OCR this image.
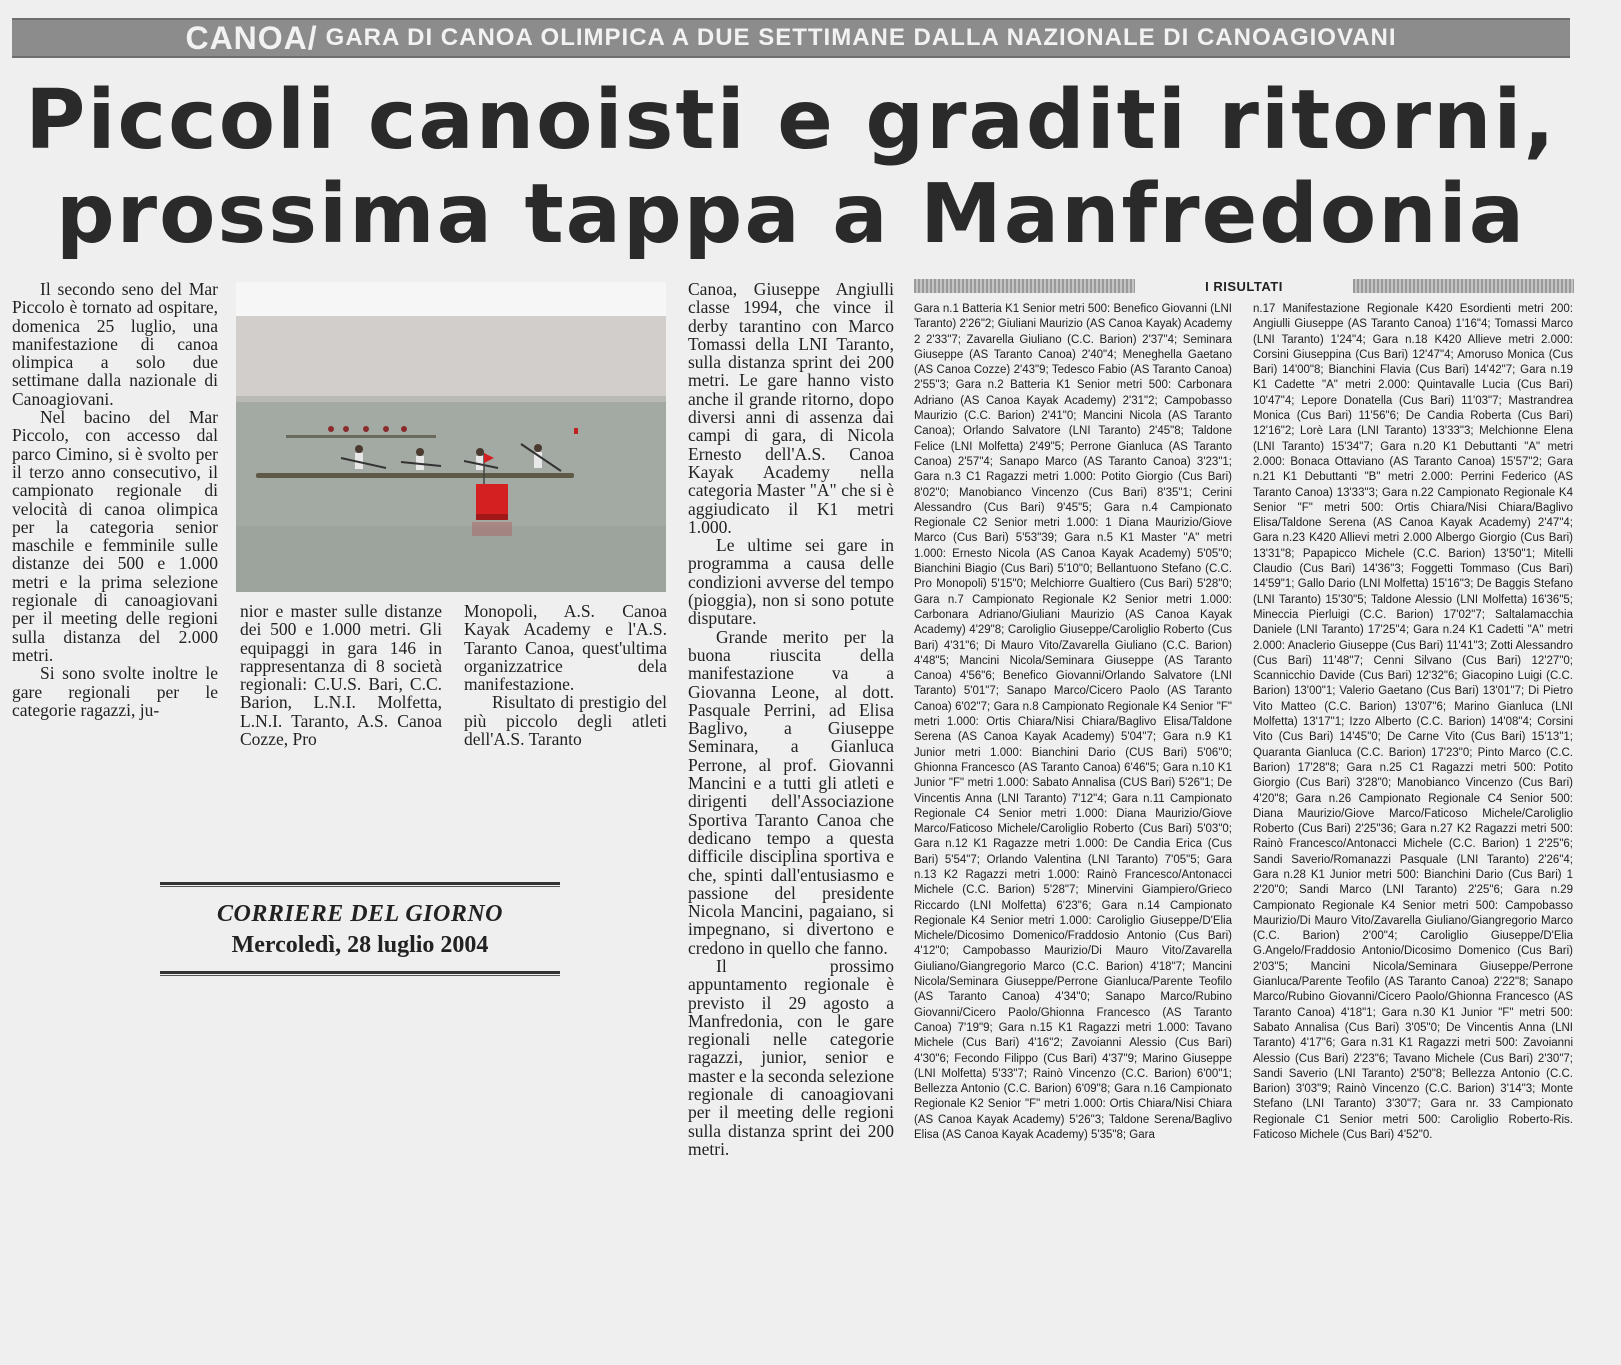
CANOA/ GARA DI CANOA OLIMPICA A DUE SETTIMANE DALLA NAZIONALE DI CANOAGIOVANI
Piccoli canoisti e graditi ritorni,
prossima tappa a Manfredonia

Il secondo seno del Mar Piccolo è tornato ad ospitare, domenica 25 luglio, una manifestazione di canoa olimpica a solo due settimane dalla nazionale di Canoagiovani.

Nel bacino del Mar Piccolo, con accesso dal parco Cimino, si è svolto per il terzo anno consecutivo, il campionato regionale di velocità di canoa olimpica per la categoria senior maschile e femminile sulle distanze dei 500 e 1.000 metri e la prima selezione regionale di canoagiovani per il meeting delle regioni sulla distanza del 2.000 metri.

Si sono svolte inoltre le gare regionali per le categorie ragazzi, ju-

nior e master sulle distanze dei 500 e 1.000 metri. Gli equipaggi in gara 146 in rappresentanza di 8 società regionali: C.U.S. Bari, C.C. Barion, L.N.I. Molfetta, L.N.I. Taranto, A.S. Canoa Cozze, Pro

Monopoli, A.S. Canoa Kayak Academy e l'A.S. Taranto Canoa, quest'ultima organizzatrice dela manifestazione.

Risultato di prestigio del più piccolo degli atleti dell'A.S. Taranto

Canoa, Giuseppe Angiulli classe 1994, che vince il derby tarantino con Marco Tomassi della LNI Taranto, sulla distanza sprint dei 200 metri. Le gare hanno visto anche il grande ritorno, dopo diversi anni di assenza dai campi di gara, di Nicola Ernesto dell'A.S. Canoa Kayak Academy nella categoria Master "A" che si è aggiudicato il K1 metri 1.000.

Le ultime sei gare in programma a causa delle condizioni avverse del tempo (pioggia), non si sono potute disputare.

Grande merito per la buona riuscita della manifestazione va a Giovanna Leone, al dott. Pasquale Perrini, ad Elisa Baglivo, a Giuseppe Seminara, a Gianluca Perrone, al prof. Giovanni Mancini e a tutti gli atleti e dirigenti dell'Associazione Sportiva Taranto Canoa che dedicano tempo a questa difficile disciplina sportiva e che, spinti dall'entusiasmo e passione del presidente Nicola Mancini, pagaiano, si impegnano, si divertono e credono in quello che fanno.

Il prossimo appuntamento regionale è previsto il 29 agosto a Manfredonia, con le gare regionali nelle categorie ragazzi, junior, senior e master e la seconda selezione regionale di canoagiovani per il meeting delle regioni sulla distanza sprint dei 200 metri.

CORRIERE DEL GIORNO
Mercoledì, 28 luglio 2004
I RISULTATI
Gara n.1 Batteria K1 Senior metri 500: Benefico Giovanni (LNI Taranto) 2'26"2; Giuliani Maurizio (AS Canoa Kayak) Academy 2 2'33"7; Zavarella Giuliano (C.C. Barion) 2'37"4; Seminara Giuseppe (AS Taranto Canoa) 2'40"4; Meneghella Gaetano (AS Canoa Cozze) 2'43"9; Tedesco Fabio (AS Taranto Canoa) 2'55"3; Gara n.2 Batteria K1 Senior metri 500: Carbonara Adriano (AS Canoa Kayak Academy) 2'31"2; Campobasso Maurizio (C.C. Barion) 2'41"0; Mancini Nicola (AS Taranto Canoa); Orlando Salvatore (LNI Taranto) 2'45"8; Taldone Felice (LNI Molfetta) 2'49"5; Perrone Gianluca (AS Taranto Canoa) 2'57"4; Sanapo Marco (AS Taranto Canoa) 3'23"1; Gara n.3 C1 Ragazzi metri 1.000: Potito Giorgio (Cus Bari) 8'02"0; Manobianco Vincenzo (Cus Bari) 8'35"1; Cerini Alessandro (Cus Bari) 9'45"5; Gara n.4 Campionato Regionale C2 Senior metri 1.000: 1 Diana Maurizio/Giove Marco (Cus Bari) 5'53"39; Gara n.5 K1 Master "A" metri 1.000: Ernesto Nicola (AS Canoa Kayak Academy) 5'05"0; Bianchini Biagio (Cus Bari) 5'10"0; Bellantuono Stefano (C.C. Pro Monopoli) 5'15"0; Melchiorre Gualtiero (Cus Bari) 5'28"0; Gara n.7 Campionato Regionale K2 Senior metri 1.000: Carbonara Adriano/Giuliani Maurizio (AS Canoa Kayak Academy) 4'29"8; Caroliglio Giuseppe/Caroliglio Roberto (Cus Bari) 4'31"6; Di Mauro Vito/Zavarella Giuliano (C.C. Barion) 4'48"5; Mancini Nicola/Seminara Giuseppe (AS Taranto Canoa) 4'56"6; Benefico Giovanni/Orlando Salvatore (LNI Taranto) 5'01"7; Sanapo Marco/Cicero Paolo (AS Taranto Canoa) 6'02"7; Gara n.8 Campionato Regionale K4 Senior "F" metri 1.000: Ortis Chiara/Nisi Chiara/Baglivo Elisa/Taldone Serena (AS Canoa Kayak Academy) 5'04"7; Gara n.9 K1 Junior metri 1.000: Bianchini Dario (CUS Bari) 5'06"0; Ghionna Francesco (AS Taranto Canoa) 6'46"5; Gara n.10 K1 Junior "F" metri 1.000: Sabato Annalisa (CUS Bari) 5'26"1; De Vincentis Anna (LNI Taranto) 7'12"4; Gara n.11 Campionato Regionale C4 Senior metri 1.000: Diana Maurizio/Giove Marco/Faticoso Michele/Caroliglio Roberto (Cus Bari) 5'03"0; Gara n.12 K1 Ragazze metri 1.000: De Candia Erica (Cus Bari) 5'54"7; Orlando Valentina (LNI Taranto) 7'05"5; Gara n.13 K2 Ragazzi metri 1.000: Rainò Francesco/Antonacci Michele (C.C. Barion) 5'28"7; Minervini Giampiero/Grieco Riccardo (LNI Molfetta) 6'23"6; Gara n.14 Campionato Regionale K4 Senior metri 1.000: Caroliglio Giuseppe/D'Elia Michele/Dicosimo Domenico/Fraddosio Antonio (Cus Bari) 4'12"0; Campobasso Maurizio/Di Mauro Vito/Zavarella Giuliano/Giangregorio Marco (C.C. Barion) 4'18"7; Mancini Nicola/Seminara Giuseppe/Perrone Gianluca/Parente Teofilo (AS Taranto Canoa) 4'34"0; Sanapo Marco/Rubino Giovanni/Cicero Paolo/Ghionna Francesco (AS Taranto Canoa) 7'19"9; Gara n.15 K1 Ragazzi metri 1.000: Tavano Michele (Cus Bari) 4'16"2; Zavoianni Alessio (Cus Bari) 4'30"6; Fecondo Filippo (Cus Bari) 4'37"9; Marino Giuseppe (LNI Molfetta) 5'33"7; Rainò Vincenzo (C.C. Barion) 6'00"1; Bellezza Antonio (C.C. Barion) 6'09"8; Gara n.16 Campionato Regionale K2 Senior "F" metri 1.000: Ortis Chiara/Nisi Chiara (AS Canoa Kayak Academy) 5'26"3; Taldone Serena/Baglivo Elisa (AS Canoa Kayak Academy) 5'35"8; Gara
n.17 Manifestazione Regionale K420 Esordienti metri 200: Angiulli Giuseppe (AS Taranto Canoa) 1'16"4; Tomassi Marco (LNI Taranto) 1'24"4; Gara n.18 K420 Allieve metri 2.000: Corsini Giuseppina (Cus Bari) 12'47"4; Amoruso Monica (Cus Bari) 14'00"8; Bianchini Flavia (Cus Bari) 14'42"7; Gara n.19 K1 Cadette "A" metri 2.000: Quintavalle Lucia (Cus Bari) 10'47"4; Lepore Donatella (Cus Bari) 11'03"7; Mastrandrea Monica (Cus Bari) 11'56"6; De Candia Roberta (Cus Bari) 12'16"2; Lorè Lara (LNI Taranto) 13'33"3; Melchionne Elena (LNI Taranto) 15'34"7; Gara n.20 K1 Debuttanti "A" metri 2.000: Bonaca Ottaviano (AS Taranto Canoa) 15'57"2; Gara n.21 K1 Debuttanti "B" metri 2.000: Perrini Federico (AS Taranto Canoa) 13'33"3; Gara n.22 Campionato Regionale K4 Senior "F" metri 500: Ortis Chiara/Nisi Chiara/Baglivo Elisa/Taldone Serena (AS Canoa Kayak Academy) 2'47"4; Gara n.23 K420 Allievi metri 2.000 Albergo Giorgio (Cus Bari) 13'31"8; Papapicco Michele (C.C. Barion) 13'50"1; Mitelli Claudio (Cus Bari) 14'36"3; Foggetti Tommaso (Cus Bari) 14'59"1; Gallo Dario (LNI Molfetta) 15'16"3; De Baggis Stefano (LNI Taranto) 15'30"5; Taldone Alessio (LNI Molfetta) 16'36"5; Mineccia Pierluigi (C.C. Barion) 17'02"7; Saltalamacchia Daniele (LNI Taranto) 17'25"4; Gara n.24 K1 Cadetti "A" metri 2.000: Anaclerio Giuseppe (Cus Bari) 11'41"3; Zotti Alessandro (Cus Bari) 11'48"7; Cenni Silvano (Cus Bari) 12'27"0; Scannicchio Davide (Cus Bari) 12'32"6; Giacopino Luigi (C.C. Barion) 13'00"1; Valerio Gaetano (Cus Bari) 13'01"7; Di Pietro Vito Matteo (C.C. Barion) 13'07"6; Marino Gianluca (LNI Molfetta) 13'17"1; Izzo Alberto (C.C. Barion) 14'08"4; Corsini Vito (Cus Bari) 14'45"0; De Carne Vito (Cus Bari) 15'13"1; Quaranta Gianluca (C.C. Barion) 17'23"0; Pinto Marco (C.C. Barion) 17'28"8; Gara n.25 C1 Ragazzi metri 500: Potito Giorgio (Cus Bari) 3'28"0; Manobianco Vincenzo (Cus Bari) 4'20"8; Gara n.26 Campionato Regionale C4 Senior 500: Diana Maurizio/Giove Marco/Faticoso Michele/Caroliglio Roberto (Cus Bari) 2'25"36; Gara n.27 K2 Ragazzi metri 500: Rainò Francesco/Antonacci Michele (C.C. Barion) 1 2'25"6; Sandi Saverio/Romanazzi Pasquale (LNI Taranto) 2'26"4; Gara n.28 K1 Junior metri 500: Bianchini Dario (Cus Bari) 1 2'20"0; Sandi Marco (LNI Taranto) 2'25"6; Gara n.29 Campionato Regionale K4 Senior metri 500: Campobasso Maurizio/Di Mauro Vito/Zavarella Giuliano/Giangregorio Marco (C.C. Barion) 2'00"4; Caroliglio Giuseppe/D'Elia G.Angelo/Fraddosio Antonio/Dicosimo Domenico (Cus Bari) 2'03"5; Mancini Nicola/Seminara Giuseppe/Perrone Gianluca/Parente Teofilo (AS Taranto Canoa) 2'22"8; Sanapo Marco/Rubino Giovanni/Cicero Paolo/Ghionna Francesco (AS Taranto Canoa) 4'18"1; Gara n.30 K1 Junior "F" metri 500: Sabato Annalisa (Cus Bari) 3'05"0; De Vincentis Anna (LNI Taranto) 4'17"6; Gara n.31 K1 Ragazzi metri 500: Zavoianni Alessio (Cus Bari) 2'23"6; Tavano Michele (Cus Bari) 2'30"7; Sandi Saverio (LNI Taranto) 2'50"8; Bellezza Antonio (C.C. Barion) 3'03"9; Rainò Vincenzo (C.C. Barion) 3'14"3; Monte Stefano (LNI Taranto) 3'30"7; Gara nr. 33 Campionato Regionale C1 Senior metri 500: Caroliglio Roberto-Ris. Faticoso Michele (Cus Bari) 4'52"0.
